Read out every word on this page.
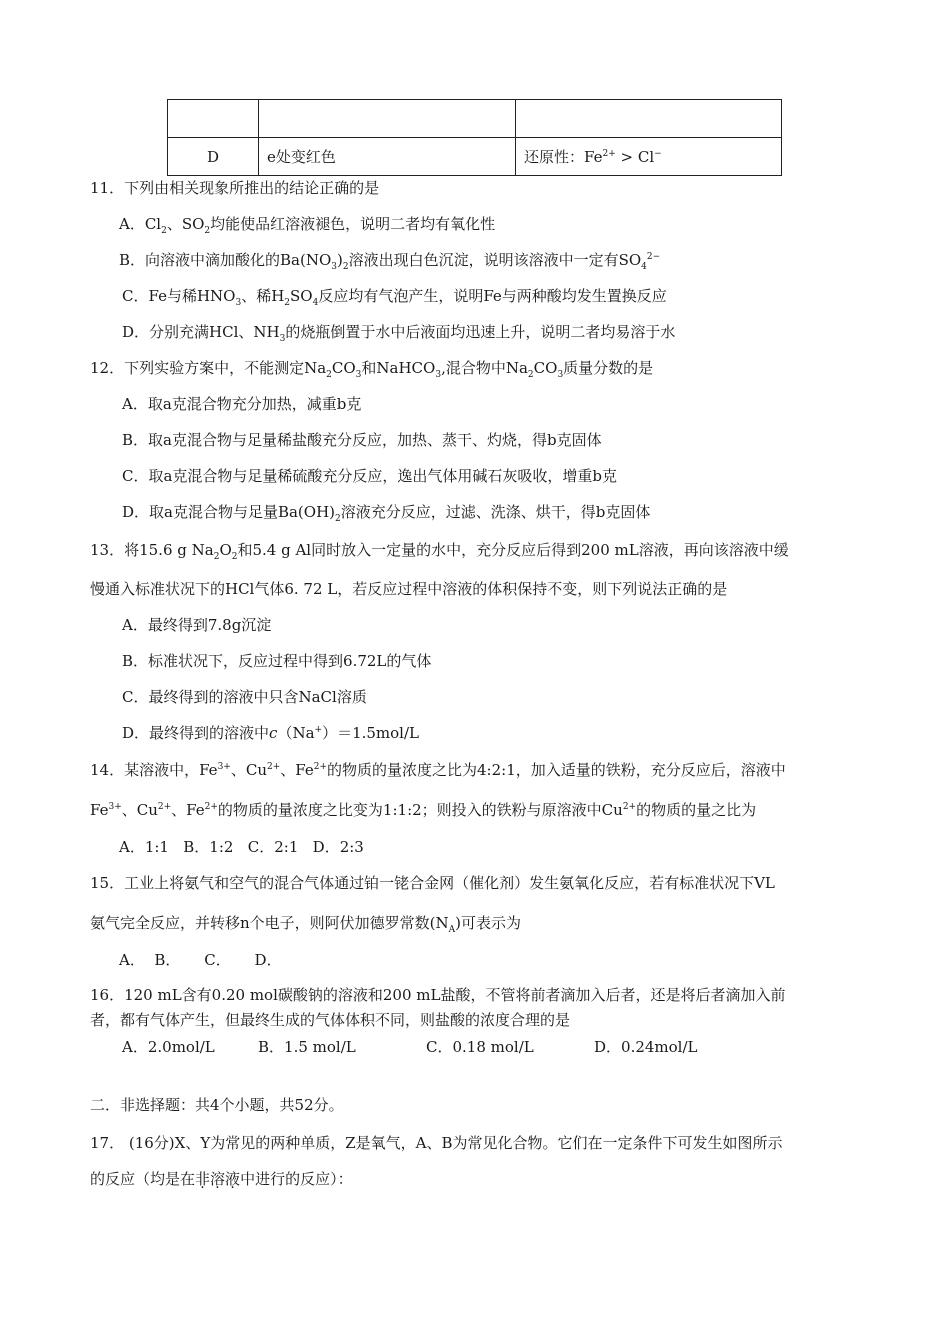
D	e处变红色	还原性：$Fe^{2+} > Cl^-$
11．下列由相关现象所推出的结论正确的是
A．$Cl_2$、$SO_2$均能使品红溶液褪色，说明二者均有氧化性
B．向溶液中滴加酸化的$Ba(NO_3)_2$溶液出现白色沉淀，说明该溶液中一定有$SO_4^{2-}$
C．Fe与稀$HNO_3$、稀$H_2SO_4$反应均有气泡产生，说明Fe与两种酸均发生置换反应
D．分别充满HCl、$NH_3$的烧瓶倒置于水中后液面均迅速上升，说明二者均易溶于水
12．下列实验方案中，不能测定$Na_2CO_3$和NaHCO$_3$,混合物中$Na_2CO_3$质量分数的是
A．取a克混合物充分加热，减重b克
B．取a克混合物与足量稀盐酸充分反应，加热、蒸干、灼烧，得b克固体
C．取a克混合物与足量稀硫酸充分反应，逸出气体用碱石灰吸收，增重b克
D．取a克混合物与足量$Ba(OH)_2$溶液充分反应，过滤、洗涤、烘干，得b克固体
13．将15.6 g $Na_2O_2$和5.4 g Al同时放入一定量的水中，充分反应后得到200 mL溶液，再向该溶液中缓
慢通入标准状况下的HCl气体6. 72 L，若反应过程中溶液的体积保持不变，则下列说法正确的是
A．最终得到7.8g沉淀
B．标准状况下，反应过程中得到6.72L的气体
C．最终得到的溶液中只含NaCl溶质
D．最终得到的溶液中c（Na+）＝1.5mol/L
14．某溶液中，$Fe^{3+}$、$Cu^{2+}$、$Fe^{2+}$的物质的量浓度之比为4:2:1，加入适量的铁粉，充分反应后，溶液中
$Fe^{3+}$、$Cu^{2+}$、$Fe^{2+}$的物质的量浓度之比变为1:1:2；则投入的铁粉与原溶液中$Cu^{2+}$的物质的量之比为
A．1:1   B．1:2   C．2:1   D．2:3
15．工业上将氨气和空气的混合气体通过铂一铑合金网（催化剂）发生氨氧化反应，若有标准状况下VL
氨气完全反应，并转移n个电子，则阿伏加德罗常数$(N_A)$可表示为
A．  B．     C．     D．
16．120 mL含有0.20 mol碳酸钠的溶液和200 mL盐酸，不管将前者滴加入后者，还是将后者滴加入前
者，都有气体产生，但最终生成的气体体积不同，则盐酸的浓度合理的是
A．2.0mol/L	B．1.5 mol/L	C．0.18 mol/L	D．0.24mol/L
二．非选择题：共4个小题，共52分。
17． (16分)X、Y为常见的两种单质，Z是氧气，A、B为常见化合物。它们在一定条件下可发生如图所示
的反应（均是在非溶液中进行的反应）：
